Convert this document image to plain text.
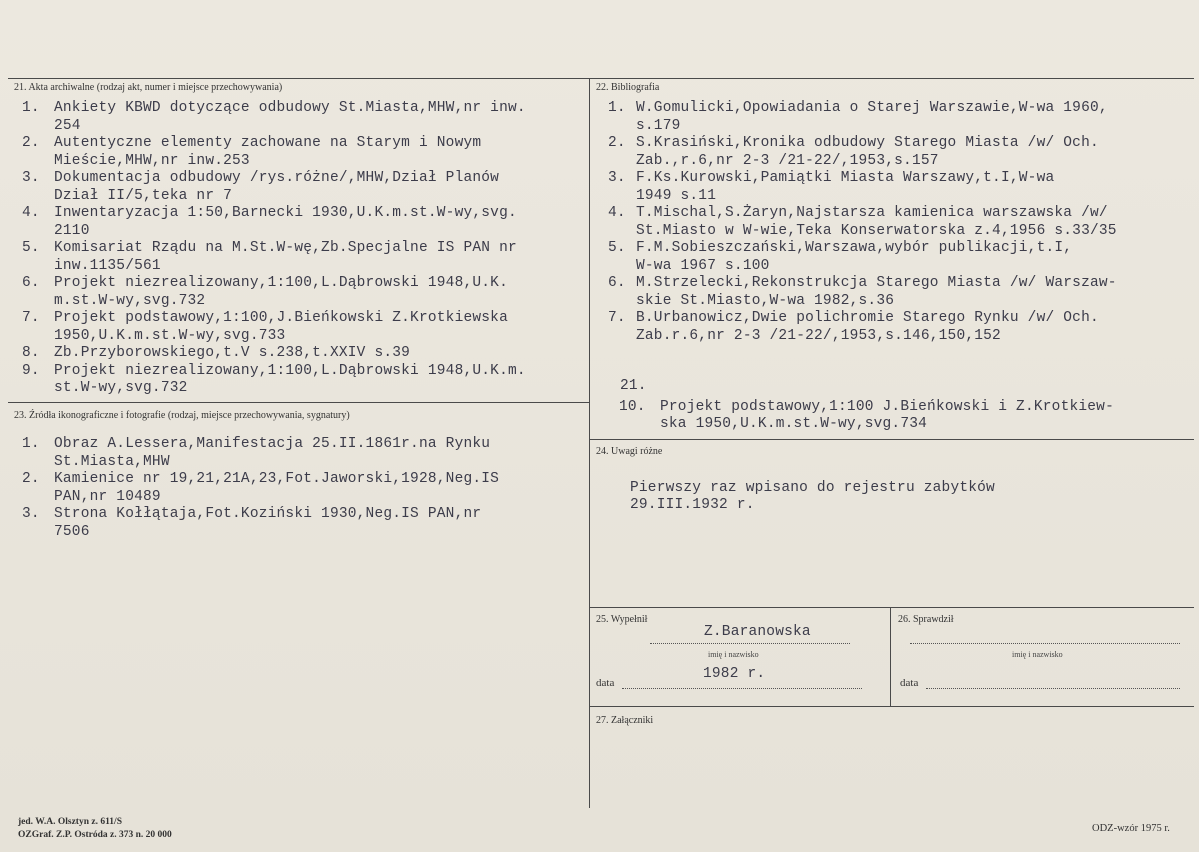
21. Akta archiwalne (rodzaj akt, numer i miejsce przechowywania)
1. Ankiety KBWD dotyczące odbudowy St.Miasta,MHW,nr inw.
254
2. Autentyczne elementy zachowane na Starym i Nowym
Mieście,MHW,nr inw.253
3. Dokumentacja odbudowy /rys.różne/,MHW,Dział Planów
Dział II/5,teka nr 7
4. Inwentaryzacja 1:50,Barnecki 1930,U.K.m.st.W-wy,svg.
2110
5. Komisariat Rządu na M.St.W-wę,Zb.Specjalne IS PAN nr
inw.1135/561
6. Projekt niezrealizowany,1:100,L.Dąbrowski 1948,U.K.
m.st.W-wy,svg.732
7. Projekt podstawowy,1:100,J.Bieńkowski Z.Krotkiewska
1950,U.K.m.st.W-wy,svg.733
8. Zb.Przyborowskiego,t.V s.238,t.XXIV s.39
9. Projekt niezrealizowany,1:100,L.Dąbrowski 1948,U.K.m.
st.W-wy,svg.732
22. Bibliografia
1. W.Gomulicki,Opowiadania o Starej Warszawie,W-wa 1960,
s.179
2. S.Krasiński,Kronika odbudowy Starego Miasta /w/ Och.
Zab.,r.6,nr 2-3 /21-22/,1953,s.157
3. F.Ks.Kurowski,Pamiątki Miasta Warszawy,t.I,W-wa
1949 s.11
4. T.Mischal,S.Żaryn,Najstarsza kamienica warszawska /w/
St.Miasto w W-wie,Teka Konserwatorska z.4,1956 s.33/35
5. F.M.Sobieszczański,Warszawa,wybór publikacji,t.I,
W-wa 1967 s.100
6. M.Strzelecki,Rekonstrukcja Starego Miasta /w/ Warszaw-
skie St.Miasto,W-wa 1982,s.36
7. B.Urbanowicz,Dwie polichromie Starego Rynku /w/ Och.
Zab.r.6,nr 2-3 /21-22/,1953,s.146,150,152
21.
10. Projekt podstawowy,1:100 J.Bieńkowski i Z.Krotkiew-
ska 1950,U.K.m.st.W-wy,svg.734
23. Źródła ikonograficzne i fotografie (rodzaj, miejsce przechowywania, sygnatury)
1. Obraz A.Lessera,Manifestacja 25.II.1861r.na Rynku
St.Miasta,MHW
2. Kamienice nr 19,21,21A,23,Fot.Jaworski,1928,Neg.IS
PAN,nr 10489
3. Strona Kołłątaja,Fot.Koziński 1930,Neg.IS PAN,nr
7506
24. Uwagi różne
Pierwszy raz wpisano do rejestru zabytków
29.III.1932 r.
25. Wypełnił
Z.Baranowska
imię i nazwisko
data
1982 r.
26. Sprawdził
imię i nazwisko
data
27. Załączniki
jed. W.A. Olsztyn z. 611/S
OZGraf. Z.P. Ostróda z. 373 n. 20 000
ODZ-wzór 1975 r.
